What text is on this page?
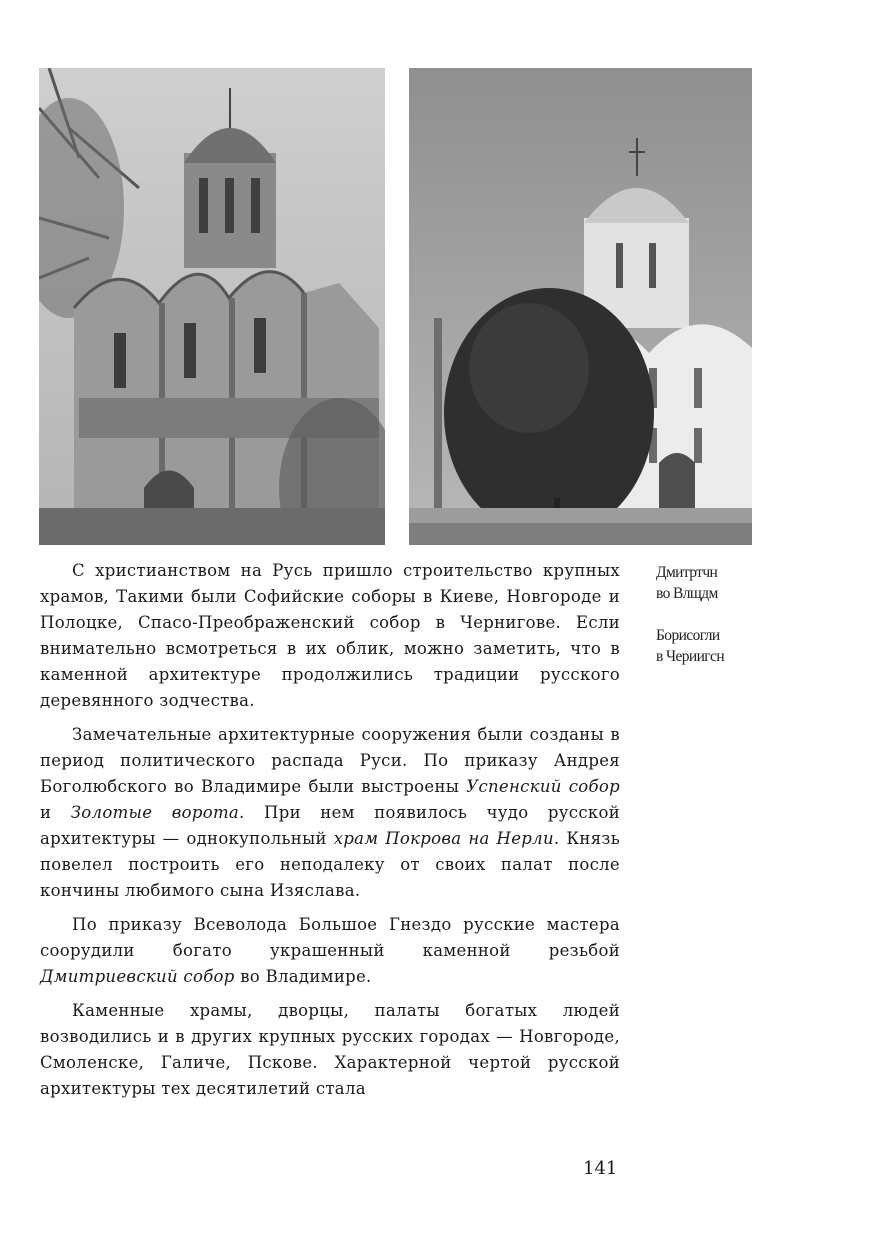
Дмитртчн
во Влщдм
Борисогли
в Чериигсн

С христианством на Русь пришло строительство крупных храмов, Такими были Софийские соборы в Киеве, Новгороде и Полоцке, Спасо-Преображенский собор в Чернигове. Если внимательно всмотреться в их облик, можно заметить, что в каменной архитектуре продолжились традиции русского деревянного зодчества.

Замечательные архитектурные сооружения были созданы в период политического распада Руси. По приказу Андрея Боголюбского во Владимире были выстроены Успенский собор и Золотые ворота. При нем появилось чудо русской архитектуры — однокупольный храм Покрова на Нерли. Князь повелел построить его неподалеку от своих палат после кончины любимого сына Изяслава.

По приказу Всеволода Большое Гнездо русские мастера соорудили богато украшенный каменной резьбой Дмитриевский собор во Владимире.

Каменные храмы, дворцы, палаты богатых людей возводились и в других крупных русских городах — Новгороде, Смоленске, Галиче, Пскове. Характерной чертой русской архитектуры тех десятилетий стала

141
